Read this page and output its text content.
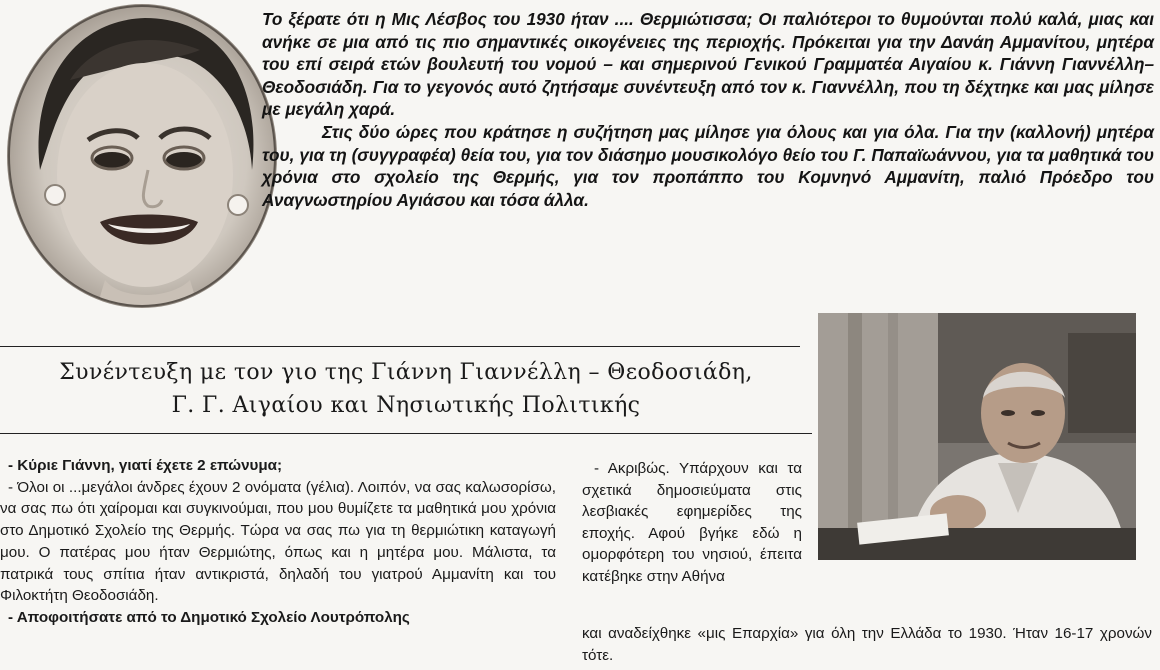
Το ξέρατε ότι η Μις Λέσβος του 1930 ήταν .... Θερμιώτισσα; Οι παλιότεροι το θυμούνται πολύ καλά, μιας και ανήκε σε μια από τις πιο σημαντικές οικογένειες της περιοχής. Πρόκειται για την Δανάη Αμμανίτου, μητέρα του επί σειρά ετών βουλευτή του νομού – και σημερινού Γενικού Γραμματέα Αιγαίου κ. Γιάννη Γιαννέλλη–Θεοδοσιάδη. Για το γεγονός αυτό ζητήσαμε συνέντευξη από τον κ. Γιαννέλλη, που τη δέχτηκε και μας μίλησε με μεγάλη χαρά.

Στις δύο ώρες που κράτησε η συζήτηση μας μίλησε για όλους και για όλα. Για την (καλλονή) μητέρα του, για τη (συγγραφέα) θεία του, για τον διάσημο μουσικολόγο θείο του Γ. Παπαϊωάννου, για τα μαθητικά του χρόνια στο σχολείο της Θερμής, για τον προπάππο του Κομνηνό Αμμανίτη, παλιό Πρόεδρο του Αναγνωστηρίου Αγιάσου και τόσα άλλα.

Συνέντευξη με τον γιο της Γιάννη Γιαννέλλη – Θεοδοσιάδη,
Γ. Γ. Αιγαίου και Νησιωτικής Πολιτικής

- Κύριε Γιάννη, γιατί έχετε 2 επώνυμα;

- Όλοι οι ...μεγάλοι άνδρες έχουν 2 ονόματα (γέλια). Λοιπόν, να σας καλωσορίσω, να σας πω ότι χαίρομαι και συγκινούμαι, που μου θυμίζετε τα μαθητικά μου χρόνια στο Δημοτικό Σχολείο της Θερμής. Τώρα να σας πω για τη θερμιώτικη καταγωγή μου. Ο πατέρας μου ήταν Θερμιώτης, όπως και η μητέρα μου. Μάλιστα, τα πατρικά τους σπίτια ήταν αντικριστά, δηλαδή του γιατρού Αμμανίτη και του Φιλοκτήτη Θεοδοσιάδη.

- Αποφοιτήσατε από το Δημοτικό Σχολείο Λουτρόπολης

- Ακριβώς. Υπάρχουν και τα σχετικά δημοσιεύματα στις λεσβιακές εφημερίδες της εποχής. Αφού βγήκε εδώ η ομορφότερη του νησιού, έπειτα κατέβηκε στην Αθήνα

και αναδείχθηκε «μις Επαρχία» για όλη την Ελλάδα το 1930. Ήταν 16-17 χρονών τότε.
